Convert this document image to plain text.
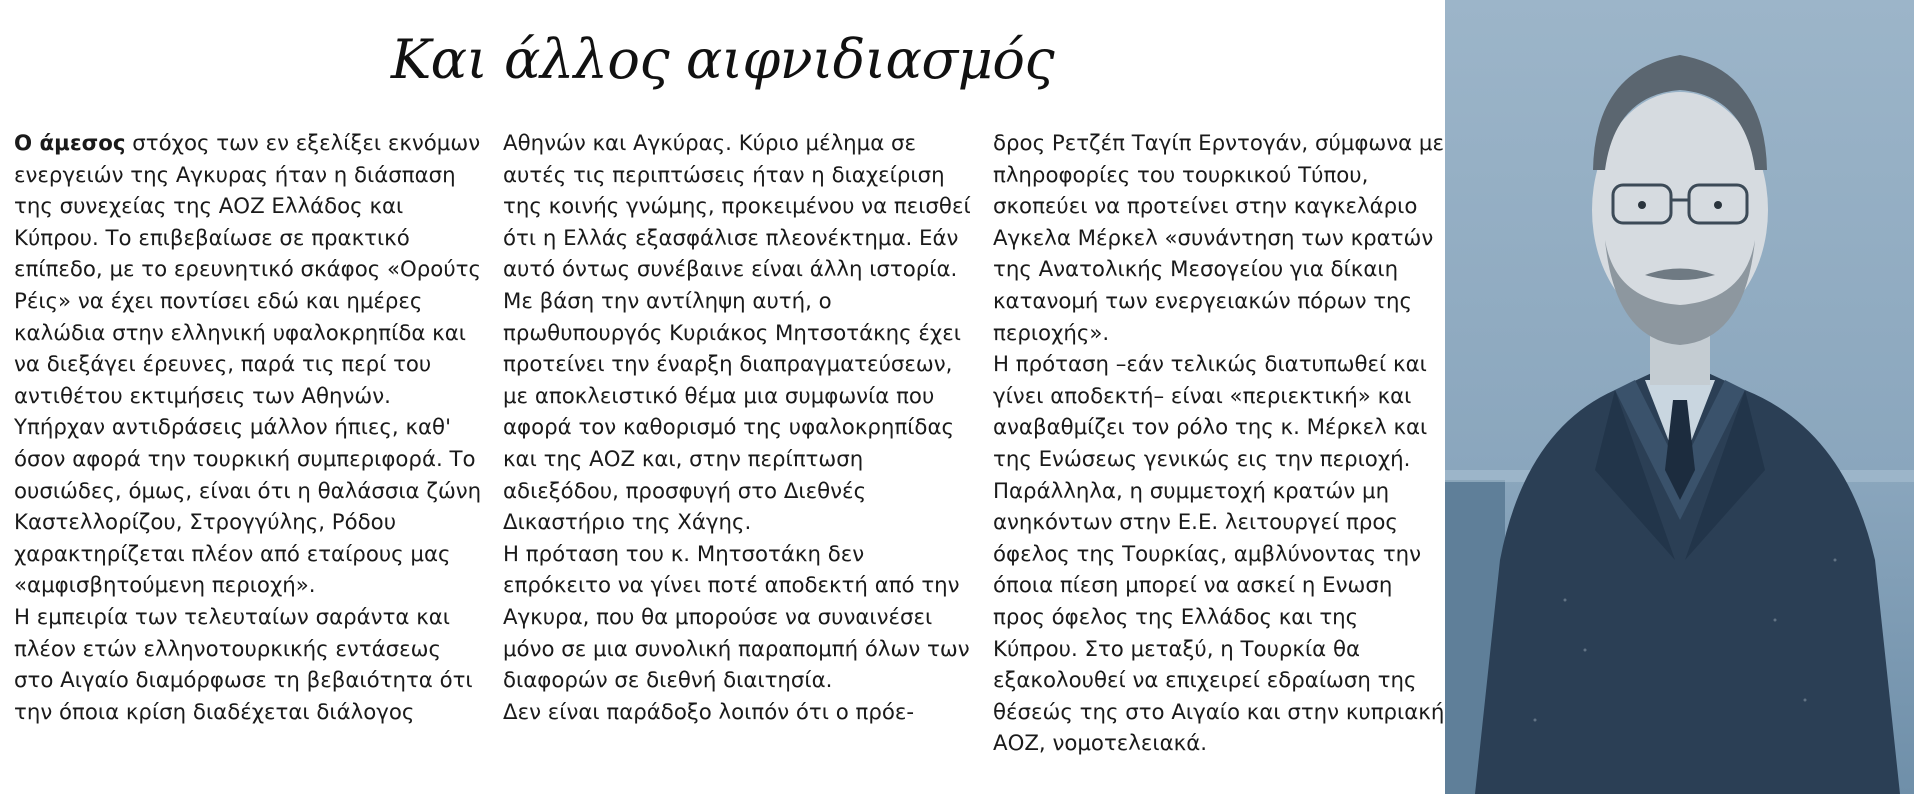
Και άλλος αιφνιδιασμός

Ο άμεσος στόχος των εν εξελίξει εκνόμων ενεργειών της Αγκυρας ήταν η διάσπαση της συνεχείας της ΑΟΖ Ελλάδος και Κύπρου. Το επιβεβαίωσε σε πρακτικό επίπεδο, με το ερευνητικό σκάφος «Ορούτς Ρέις» να έχει ποντίσει εδώ και ημέρες καλώδια στην ελληνική υφαλοκρηπίδα και να διεξάγει έρευνες, παρά τις περί του αντιθέτου εκτιμήσεις των Αθηνών.
Υπήρχαν αντιδράσεις μάλλον ήπιες, καθ' όσον αφορά την τουρκική συμπεριφορά. Το ουσιώδες, όμως, είναι ότι η θαλάσσια ζώνη Καστελλορίζου, Στρογγύλης, Ρόδου χαρακτηρίζεται πλέον από εταίρους μας «αμφισβητούμενη περιοχή».
Η εμπειρία των τελευταίων σαράντα και πλέον ετών ελληνοτουρκικής εντάσεως στο Αιγαίο διαμόρφωσε τη βεβαιότητα ότι την όποια κρίση διαδέχεται διάλογος

Αθηνών και Αγκύρας. Κύριο μέλημα σε αυτές τις περιπτώσεις ήταν η διαχείριση της κοινής γνώμης, προκειμένου να πεισθεί ότι η Ελλάς εξασφάλισε πλεονέκτημα. Εάν αυτό όντως συνέβαινε είναι άλλη ιστορία.
Με βάση την αντίληψη αυτή, ο πρωθυπουργός Κυριάκος Μητσοτάκης έχει προτείνει την έναρξη διαπραγματεύσεων, με αποκλειστικό θέμα μια συμφωνία που αφορά τον καθορισμό της υφαλοκρηπίδας και της ΑΟΖ και, στην περίπτωση αδιεξόδου, προσφυγή στο Διεθνές Δικαστήριο της Χάγης.
Η πρόταση του κ. Μητσοτάκη δεν επρόκειτο να γίνει ποτέ αποδεκτή από την Αγκυρα, που θα μπορούσε να συναινέσει μόνο σε μια συνολική παραπομπή όλων των διαφορών σε διεθνή διαιτησία.
Δεν είναι παράδοξο λοιπόν ότι ο πρόε-

δρος Ρετζέπ Ταγίπ Ερντογάν, σύμφωνα με πληροφορίες του τουρκικού Τύπου, σκοπεύει να προτείνει στην καγκελάριο Αγκελα Μέρκελ «συνάντηση των κρατών της Ανατολικής Μεσογείου για δίκαιη κατανομή των ενεργειακών πόρων της περιοχής».
Η πρόταση –εάν τελικώς διατυπωθεί και γίνει αποδεκτή– είναι «περιεκτική» και αναβαθμίζει τον ρόλο της κ. Μέρκελ και της Ενώσεως γενικώς εις την περιοχή. Παράλληλα, η συμμετοχή κρατών μη ανηκόντων στην Ε.Ε. λειτουργεί προς όφελος της Τουρκίας, αμβλύνοντας την όποια πίεση μπορεί να ασκεί η Ενωση προς όφελος της Ελλάδος και της Κύπρου. Στο μεταξύ, η Τουρκία θα εξακολουθεί να επιχειρεί εδραίωση της θέσεώς της στο Αιγαίο και στην κυπριακή ΑΟΖ, νομοτελειακά.
